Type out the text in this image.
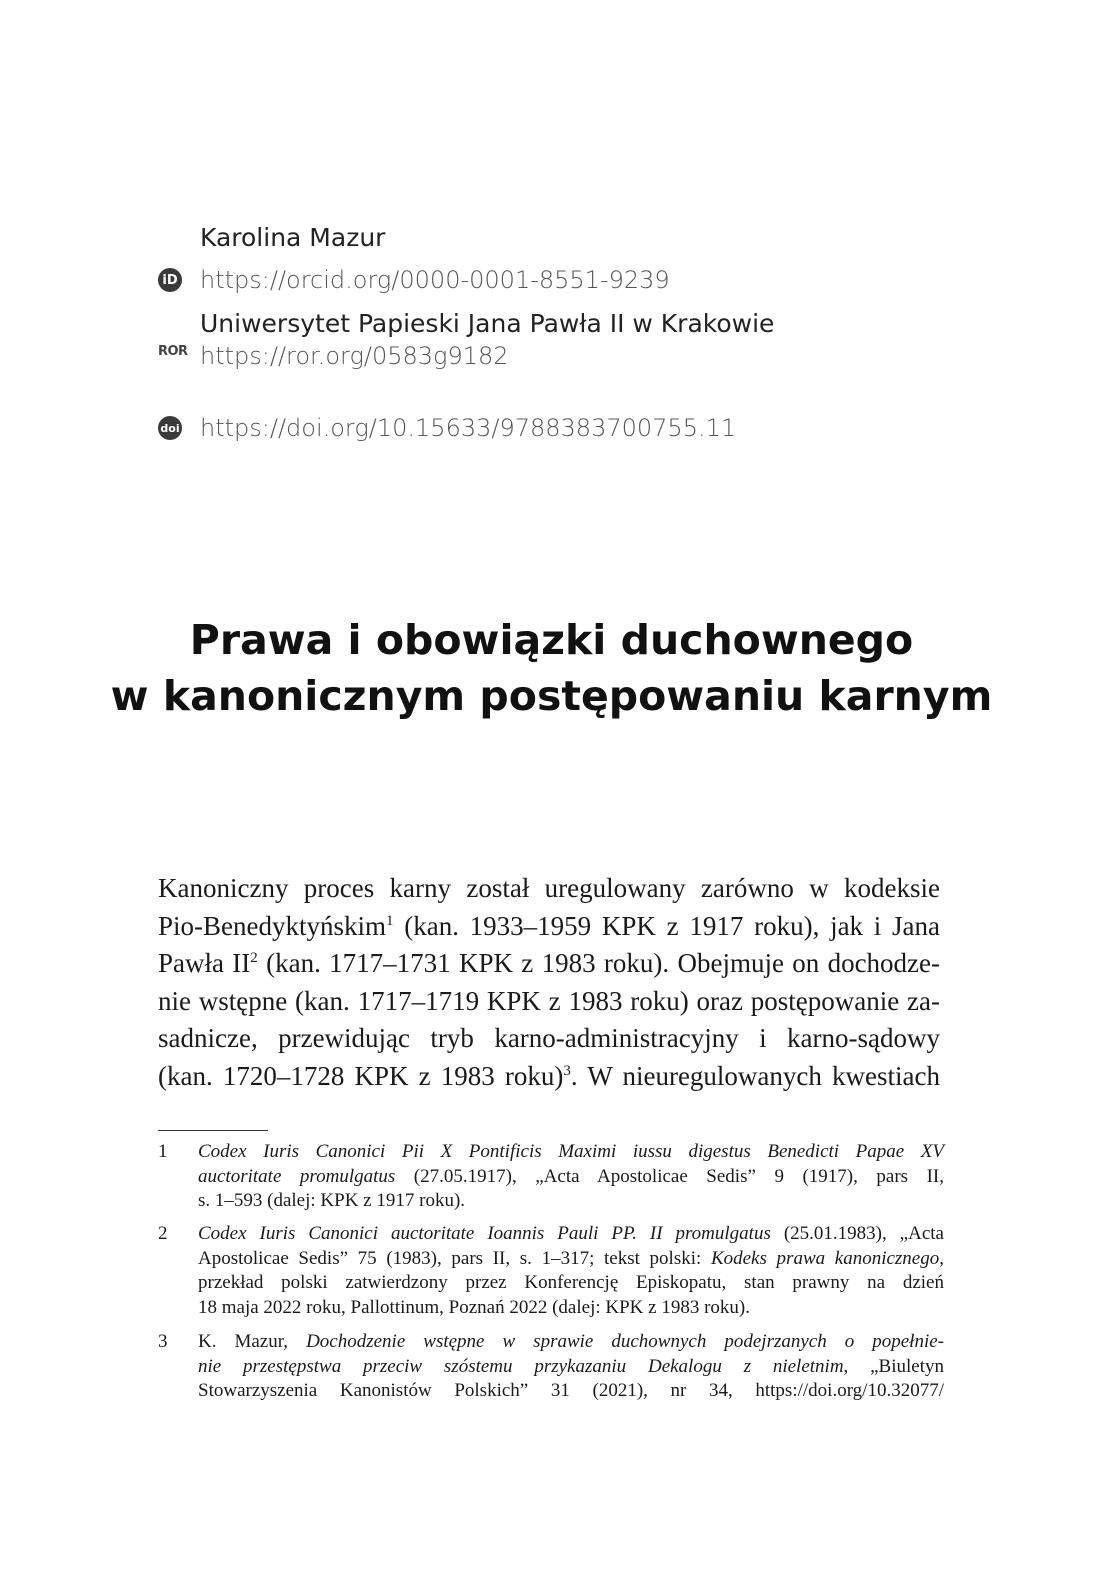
Karolina Mazur
iD https://orcid.org/0000-0001-8551-9239
Uniwersytet Papieski Jana Pawła II w Krakowie
ROR https://ror.org/0583g9182
doi https://doi.org/10.15633/9788383700755.11
Prawa i obowiązki duchownego
w kanonicznym postępowaniu karnym
Kanoniczny proces karny został uregulowany zarówno w kodeksie
Pio-Benedyktyńskim$^1$ (kan. 1933–1959 KPK z 1917 roku), jak i Jana
Pawła $II^2$ (kan. 1717–1731 KPK z 1983 roku). Obejmuje on dochodze-
nie wstępne (kan. 1717–1719 KPK z 1983 roku) oraz postępowanie za-
sadnicze, przewidując tryb karno-administracyjny i karno-sądowy
(kan. 1720–1728 KPK z 1983 roku)$^3$. W nieuregulowanych kwestiach
1	Codex Iuris Canonici Pii X Pontificis Maximi iussu digestus Benedicti Papae XV
auctoritate promulgatus (27.05.1917), „Acta Apostolicae Sedis” 9 (1917), pars II,
s. 1–593 (dalej: KPK z 1917 roku).
2	Codex Iuris Canonici auctoritate Ioannis Pauli PP. II promulgatus (25.01.1983), „Acta
Apostolicae Sedis” 75 (1983), pars II, s. 1–317; tekst polski: Kodeks prawa kanonicznego,
przekład polski zatwierdzony przez Konferencję Episkopatu, stan prawny na dzień
18 maja 2022 roku, Pallottinum, Poznań 2022 (dalej: KPK z 1983 roku).
3	K. Mazur, Dochodzenie wstępne w sprawie duchownych podejrzanych o popełnie-
nie przestępstwa przeciw szóstemu przykazaniu Dekalogu z nieletnim, „Biuletyn
Stowarzyszenia Kanonistów Polskich” 31 (2021), nr 34, https://doi.org/10.32077/
